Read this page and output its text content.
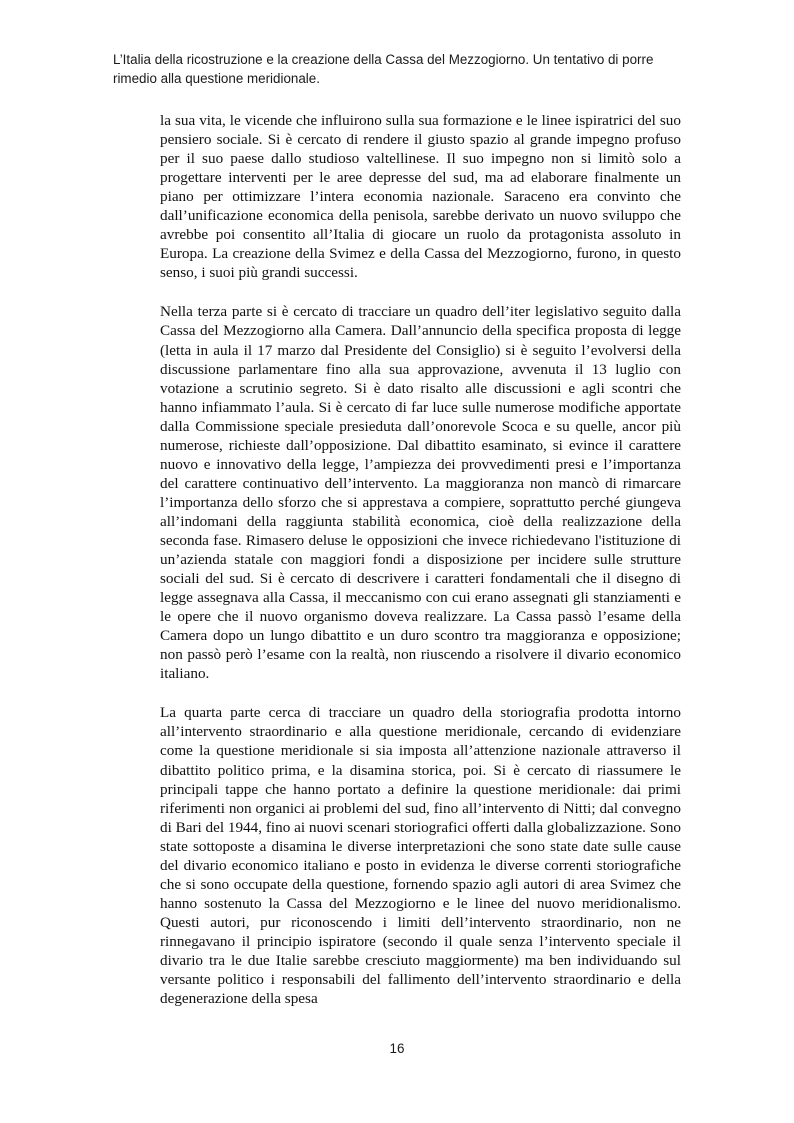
L’Italia della ricostruzione e la creazione della Cassa del Mezzogiorno. Un tentativo di porre rimedio alla questione meridionale.

la sua vita, le vicende che influirono sulla sua formazione e le linee ispiratrici del suo pensiero sociale. Si è cercato di rendere il giusto spazio al grande impegno profuso per il suo paese dallo studioso valtellinese. Il suo impegno non si limitò solo a progettare interventi per le aree depresse del sud, ma ad elaborare finalmente un piano per ottimizzare l’intera economia nazionale. Saraceno era convinto che dall’unificazione economica della penisola, sarebbe derivato un nuovo sviluppo che avrebbe poi consentito all’Italia di giocare un ruolo da protagonista assoluto in Europa. La creazione della Svimez e della Cassa del Mezzogiorno, furono, in questo senso, i suoi più grandi successi.

Nella terza parte si è cercato di tracciare un quadro dell’iter legislativo seguito dalla Cassa del Mezzogiorno alla Camera. Dall’annuncio della specifica proposta di legge (letta in aula il 17 marzo dal Presidente del Consiglio) si è seguito l’evolversi della discussione parlamentare fino alla sua approvazione, avvenuta il 13 luglio con votazione a scrutinio segreto. Si è dato risalto alle discussioni e agli scontri che hanno infiammato l’aula. Si è cercato di far luce sulle numerose modifiche apportate dalla Commissione speciale presieduta dall’onorevole Scoca e su quelle, ancor più numerose, richieste dall’opposizione. Dal dibattito esaminato, si evince il carattere nuovo e innovativo della legge, l’ampiezza dei provvedimenti presi e l’importanza del carattere continuativo dell’intervento. La maggioranza non mancò di rimarcare l’importanza dello sforzo che si apprestava a compiere, soprattutto perché giungeva all’indomani della raggiunta stabilità economica, cioè della realizzazione della seconda fase. Rimasero deluse le opposizioni che invece richiedevano l'istituzione di un’azienda statale con maggiori fondi a disposizione per incidere sulle strutture sociali del sud. Si è cercato di descrivere i caratteri fondamentali che il disegno di legge assegnava alla Cassa, il meccanismo con cui erano assegnati gli stanziamenti e le opere che il nuovo organismo doveva realizzare. La Cassa passò l’esame della Camera dopo un lungo dibattito e un duro scontro tra maggioranza e opposizione; non passò però l’esame con la realtà, non riuscendo a risolvere il divario economico italiano.

La quarta parte cerca di tracciare un quadro della storiografia prodotta intorno all’intervento straordinario e alla questione meridionale, cercando di evidenziare come la questione meridionale si sia imposta all’attenzione nazionale attraverso il dibattito politico prima, e la disamina storica, poi. Si è cercato di riassumere le principali tappe che hanno portato a definire la questione meridionale: dai primi riferimenti non organici ai problemi del sud, fino all’intervento di Nitti; dal convegno di Bari del 1944, fino ai nuovi scenari storiografici offerti dalla globalizzazione. Sono state sottoposte a disamina le diverse interpretazioni che sono state date sulle cause del divario economico italiano e posto in evidenza le diverse correnti storiografiche che si sono occupate della questione, fornendo spazio agli autori di area Svimez che hanno sostenuto la Cassa del Mezzogiorno e le linee del nuovo meridionalismo. Questi autori, pur riconoscendo i limiti dell’intervento straordinario, non ne rinnegavano il principio ispiratore (secondo il quale senza l’intervento speciale il divario tra le due Italie sarebbe cresciuto maggiormente) ma ben individuando sul versante politico i responsabili del fallimento dell’intervento straordinario e della degenerazione della spesa

16
